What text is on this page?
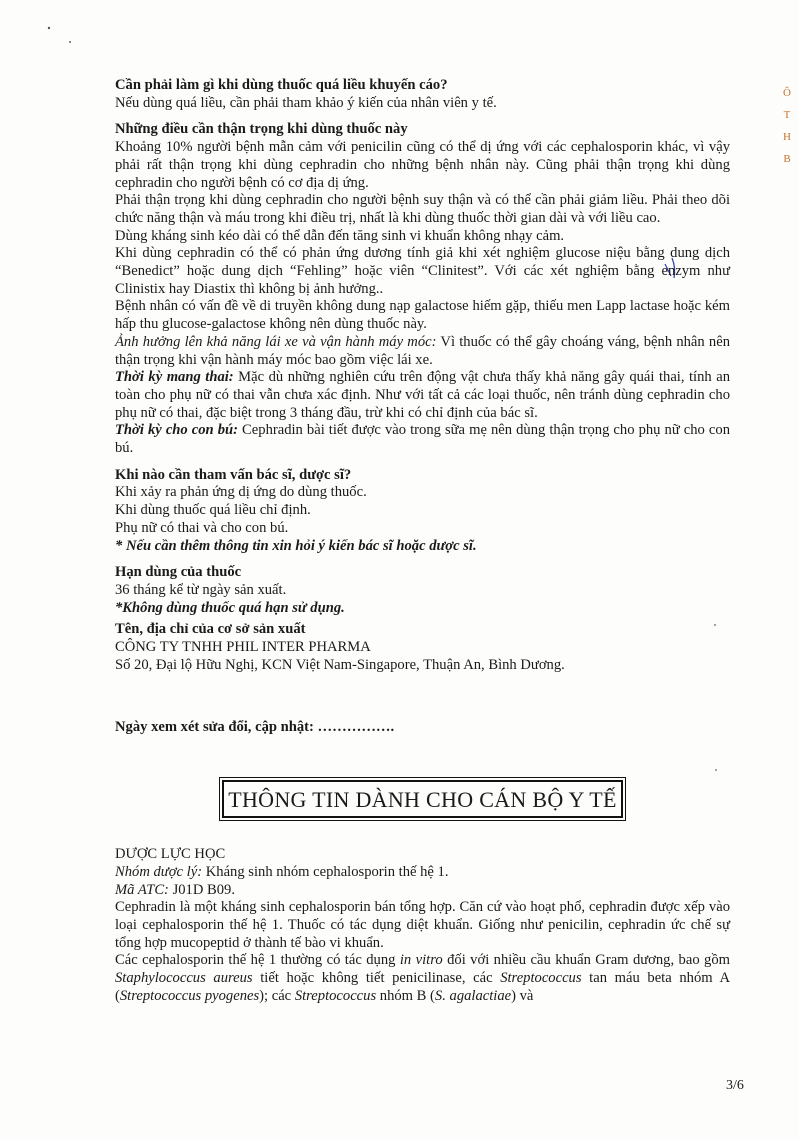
Ô
T
H
B

Cần phải làm gì khi dùng thuốc quá liều khuyến cáo?

Nếu dùng quá liều, cần phải tham khảo ý kiến của nhân viên y tế.

Những điều cần thận trọng khi dùng thuốc này

Khoảng 10% người bệnh mẫn cảm với penicilin cũng có thể dị ứng với các cephalosporin khác, vì vậy phải rất thận trọng khi dùng cephradin cho những bệnh nhân này. Cũng phải thận trọng khi dùng cephradin cho người bệnh có cơ địa dị ứng.

Phải thận trọng khi dùng cephradin cho người bệnh suy thận và có thể cần phải giảm liều. Phải theo dõi chức năng thận và máu trong khi điều trị, nhất là khi dùng thuốc thời gian dài và với liều cao.

Dùng kháng sinh kéo dài có thể dẫn đến tăng sinh vi khuẩn không nhạy cảm.

Khi dùng cephradin có thể có phản ứng dương tính giả khi xét nghiệm glucose niệu bằng dung dịch “Benedict” hoặc dung dịch “Fehling” hoặc viên “Clinitest”. Với các xét nghiệm bằng enzym như Clinistix hay Diastix thì không bị ảnh hưởng..

Bệnh nhân có vấn đề về di truyền không dung nạp galactose hiếm gặp, thiếu men Lapp lactase hoặc kém hấp thu glucose-galactose không nên dùng thuốc này.

Ảnh hưởng lên khả năng lái xe và vận hành máy móc: Vì thuốc có thể gây choáng váng, bệnh nhân nên thận trọng khi vận hành máy móc bao gồm việc lái xe.

Thời kỳ mang thai: Mặc dù những nghiên cứu trên động vật chưa thấy khả năng gây quái thai, tính an toàn cho phụ nữ có thai vẫn chưa xác định. Như với tất cả các loại thuốc, nên tránh dùng cephradin cho phụ nữ có thai, đặc biệt trong 3 tháng đầu, trừ khi có chỉ định của bác sĩ.

Thời kỳ cho con bú: Cephradin bài tiết được vào trong sữa mẹ nên dùng thận trọng cho phụ nữ cho con bú.

Khi nào cần tham vấn bác sĩ, dược sĩ?

Khi xảy ra phản ứng dị ứng do dùng thuốc.

Khi dùng thuốc quá liều chỉ định.

Phụ nữ có thai và cho con bú.

* Nếu cần thêm thông tin xin hỏi ý kiến bác sĩ hoặc dược sĩ.

Hạn dùng của thuốc

36 tháng kể từ ngày sản xuất.

*Không dùng thuốc quá hạn sử dụng.

Tên, địa chỉ của cơ sở sản xuất

CÔNG TY TNHH PHIL INTER PHARMA

Số 20, Đại lộ Hữu Nghị, KCN Việt Nam-Singapore, Thuận An, Bình Dương.

Ngày xem xét sửa đổi, cập nhật: …………….

THÔNG TIN DÀNH CHO CÁN BỘ Y TẾ

DƯỢC LỰC HỌC

Nhóm dược lý: Kháng sinh nhóm cephalosporin thế hệ 1.

Mã ATC: J01D B09.

Cephradin là một kháng sinh cephalosporin bán tổng hợp. Căn cứ vào hoạt phổ, cephradin được xếp vào loại cephalosporin thế hệ 1. Thuốc có tác dụng diệt khuẩn. Giống như penicilin, cephradin ức chế sự tổng hợp mucopeptid ở thành tế bào vi khuẩn.

Các cephalosporin thế hệ 1 thường có tác dụng in vitro đối với nhiều cầu khuẩn Gram dương, bao gồm Staphylococcus aureus tiết hoặc không tiết penicilinase, các Streptococcus tan máu beta nhóm A (Streptococcus pyogenes); các Streptococcus nhóm B (S. agalactiae) và

3/6
